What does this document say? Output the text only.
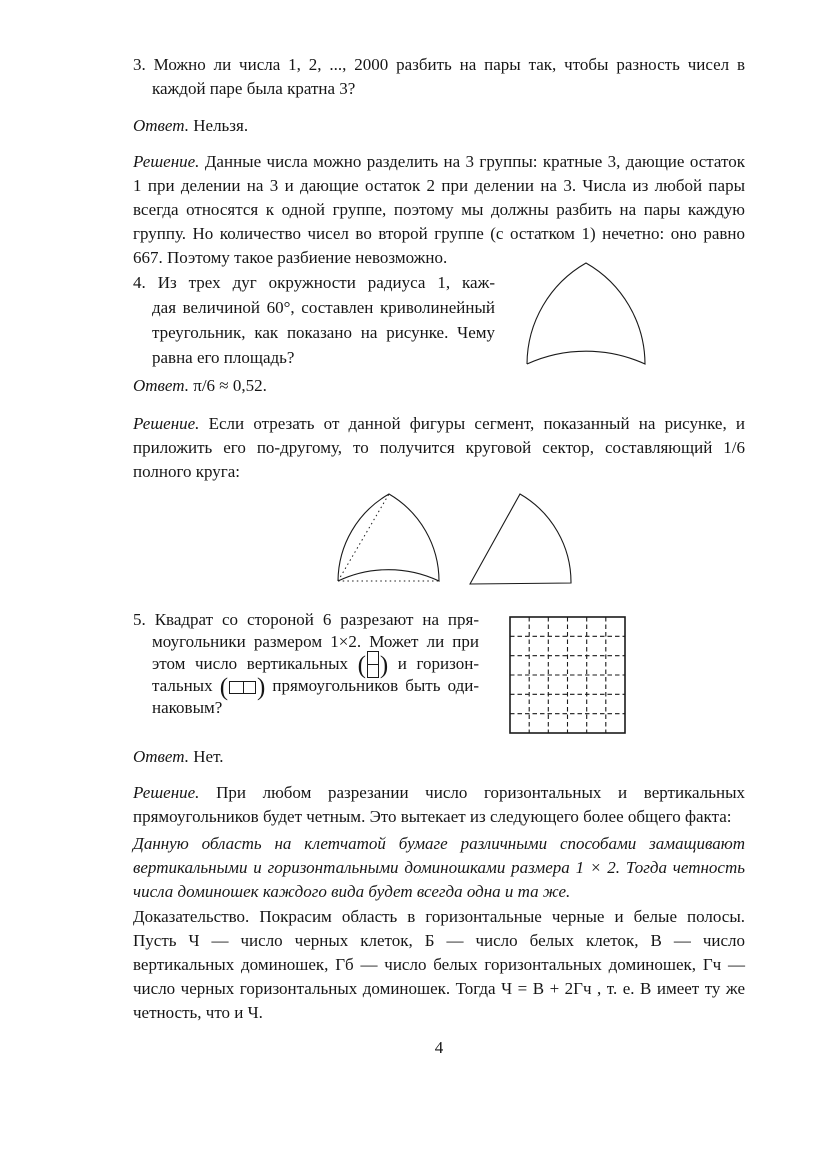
3. Можно ли числа 1, 2, ..., 2000 разбить на пары так, чтобы разность чисел в каждой паре была кратна 3?
Ответ. Нельзя.
Решение. Данные числа можно разделить на 3 группы: кратные 3, дающие остаток 1 при делении на 3 и дающие остаток 2 при делении на 3. Числа из любой пары всегда относятся к одной группе, поэтому мы должны разбить на пары каждую группу. Но количество чисел во второй группе (с остатком 1) нечетно: оно равно 667. Поэтому такое разбиение невозможно.
4. Из трех дуг окружности радиуса 1, каж-
дая величиной 60°, составлен криволинейный
треугольник, как показано на рисунке. Чему
равна его площадь?
Ответ. π/6 ≈ 0,52.
Решение. Если отрезать от данной фигуры сегмент, показанный на рисунке, и приложить его по-другому, то получится круговой сектор, составляющий 1/6 полного круга:
5. Квадрат со стороной 6 разрезают на пря-
моугольники размером 1×2. Может ли при
этом число вертикальных ( ) и горизон-
тальных ( ) прямоугольников быть оди-
наковым?
Ответ. Нет.
Решение. При любом разрезании число горизонтальных и вертикальных прямоугольников будет четным. Это вытекает из следующего более общего факта:
Данную область на клетчатой бумаге различными способами замащивают вертикальными и горизонтальными доминошками размера 1 × 2. Тогда четность числа доминошек каждого вида будет всегда одна и та же.
Доказательство. Покрасим область в горизонтальные черные и белые полосы. Пусть Ч — число черных клеток, Б — число белых клеток, В — число вертикальных доминошек, Гб — число белых горизонтальных доминошек, Гч — число черных горизонтальных доминошек. Тогда Ч = В + 2Гч , т. е. В имеет ту же четность, что и Ч.
4
